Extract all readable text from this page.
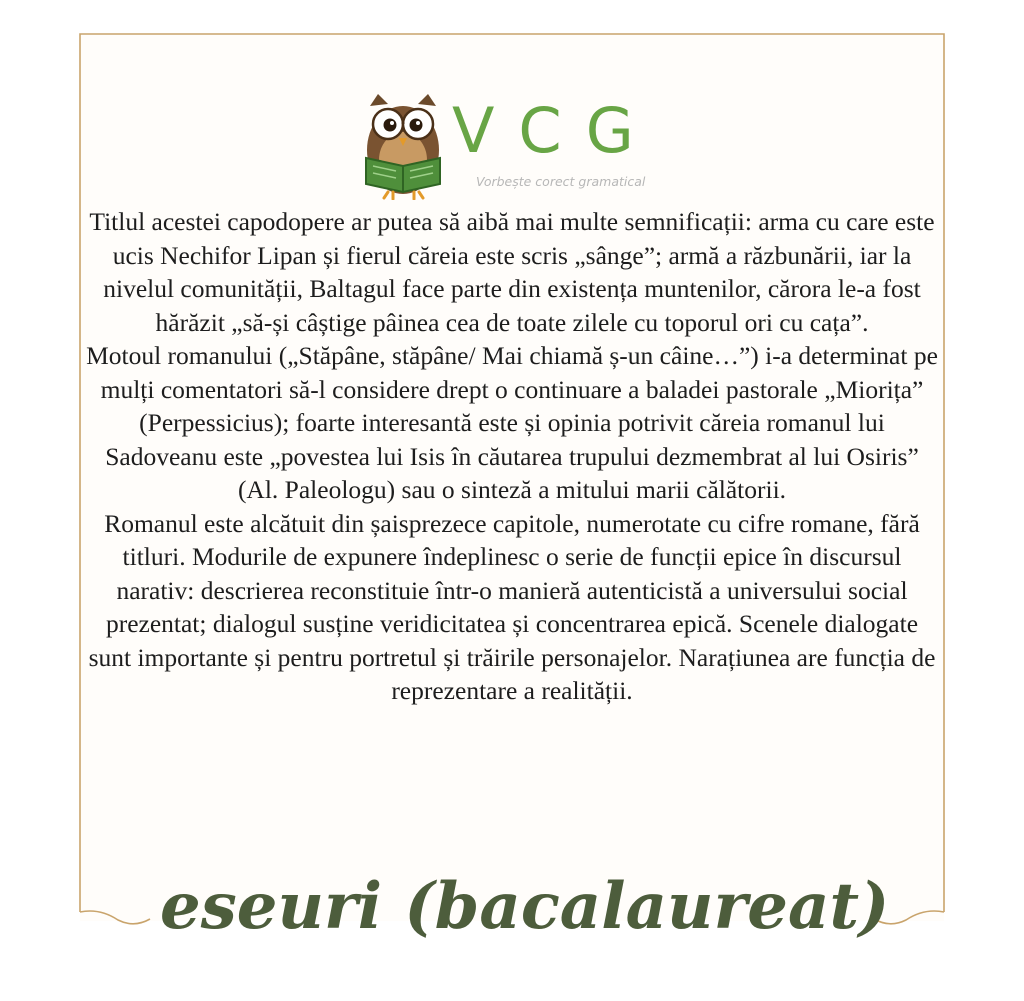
VCG
Vorbește corect gramatical

Titlul acestei capodopere ar putea să aibă mai multe semnificații: arma cu care este ucis Nechifor Lipan și fierul căreia este scris „sânge”; armă a răzbunării, iar la nivelul comunității, Baltagul face parte din existența muntenilor, cărora le-a fost hărăzit „să-și câștige pâinea cea de toate zilele cu toporul ori cu cața”.

Motoul romanului („Stăpâne, stăpâne/ Mai chiamă ș-un câine…”) i-a determinat pe mulți comentatori să-l considere drept o continuare a baladei pastorale „Miorița” (Perpessicius); foarte interesantă este și opinia potrivit căreia romanul lui Sadoveanu este „povestea lui Isis în căutarea trupului dezmembrat al lui Osiris” (Al. Paleologu) sau o sinteză a mitului marii călătorii.

Romanul este alcătuit din șaisprezece capitole, numerotate cu cifre romane, fără titluri. Modurile de expunere îndeplinesc o serie de funcții epice în discursul narativ: descrierea reconstituie într-o manieră autenticistă a universului social prezentat; dialogul susține veridicitatea și concentrarea epică. Scenele dialogate sunt importante și pentru portretul și trăirile personajelor. Narațiunea are funcția de reprezentare a realității.

eseuri (bacalaureat)
